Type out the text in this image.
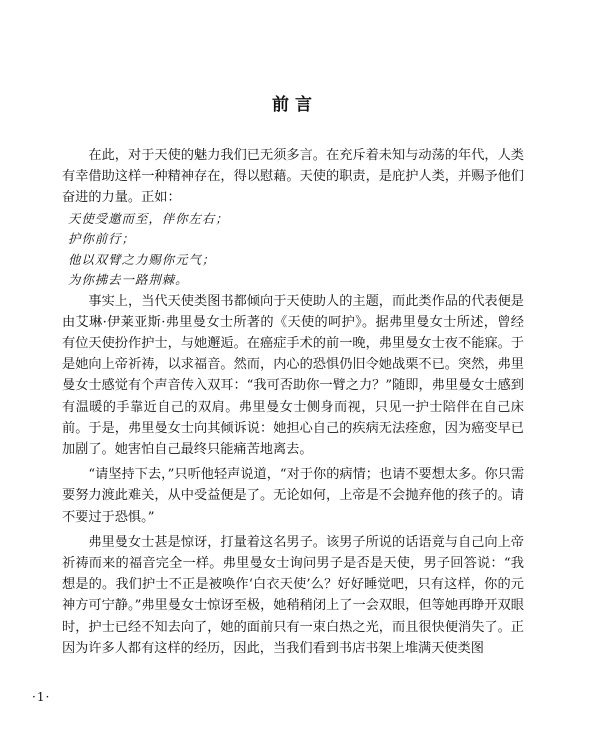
前言

在此，对于天使的魅力我们已无须多言。在充斥着未知与动荡的年代，人类有幸借助这样一种精神存在，得以慰藉。天使的职责，是庇护人类，并赐予他们奋进的力量。正如：

天使受邀而至，伴你左右；
护你前行；
他以双臂之力赐你元气；
为你拂去一路荆棘。

事实上，当代天使类图书都倾向于天使助人的主题，而此类作品的代表便是由艾琳·伊莱亚斯·弗里曼女士所著的《天使的呵护》。据弗里曼女士所述，曾经有位天使扮作护士，与她邂逅。在癌症手术的前一晚，弗里曼女士夜不能寐。于是她向上帝祈祷，以求福音。然而，内心的恐惧仍旧令她战栗不已。突然，弗里曼女士感觉有个声音传入双耳：“我可否助你一臂之力？”随即，弗里曼女士感到有温暖的手靠近自己的双肩。弗里曼女士侧身而视，只见一护士陪伴在自己床前。于是，弗里曼女士向其倾诉说：她担心自己的疾病无法痊愈，因为癌变早已加剧了。她害怕自己最终只能痛苦地离去。

“请坚持下去，”只听他轻声说道，“对于你的病情；也请不要想太多。你只需要努力渡此难关，从中受益便是了。无论如何，上帝是不会抛弃他的孩子的。请不要过于恐惧。”

弗里曼女士甚是惊讶，打量着这名男子。该男子所说的话语竟与自己向上帝祈祷而来的福音完全一样。弗里曼女士询问男子是否是天使，男子回答说：“我想是的。我们护士不正是被唤作‘白衣天使’么？好好睡觉吧，只有这样，你的元神方可宁静。”弗里曼女士惊讶至极，她稍稍闭上了一会双眼，但等她再睁开双眼时，护士已经不知去向了，她的面前只有一束白热之光，而且很快便消失了。正因为许多人都有这样的经历，因此，当我们看到书店书架上堆满天使类图

·1·
